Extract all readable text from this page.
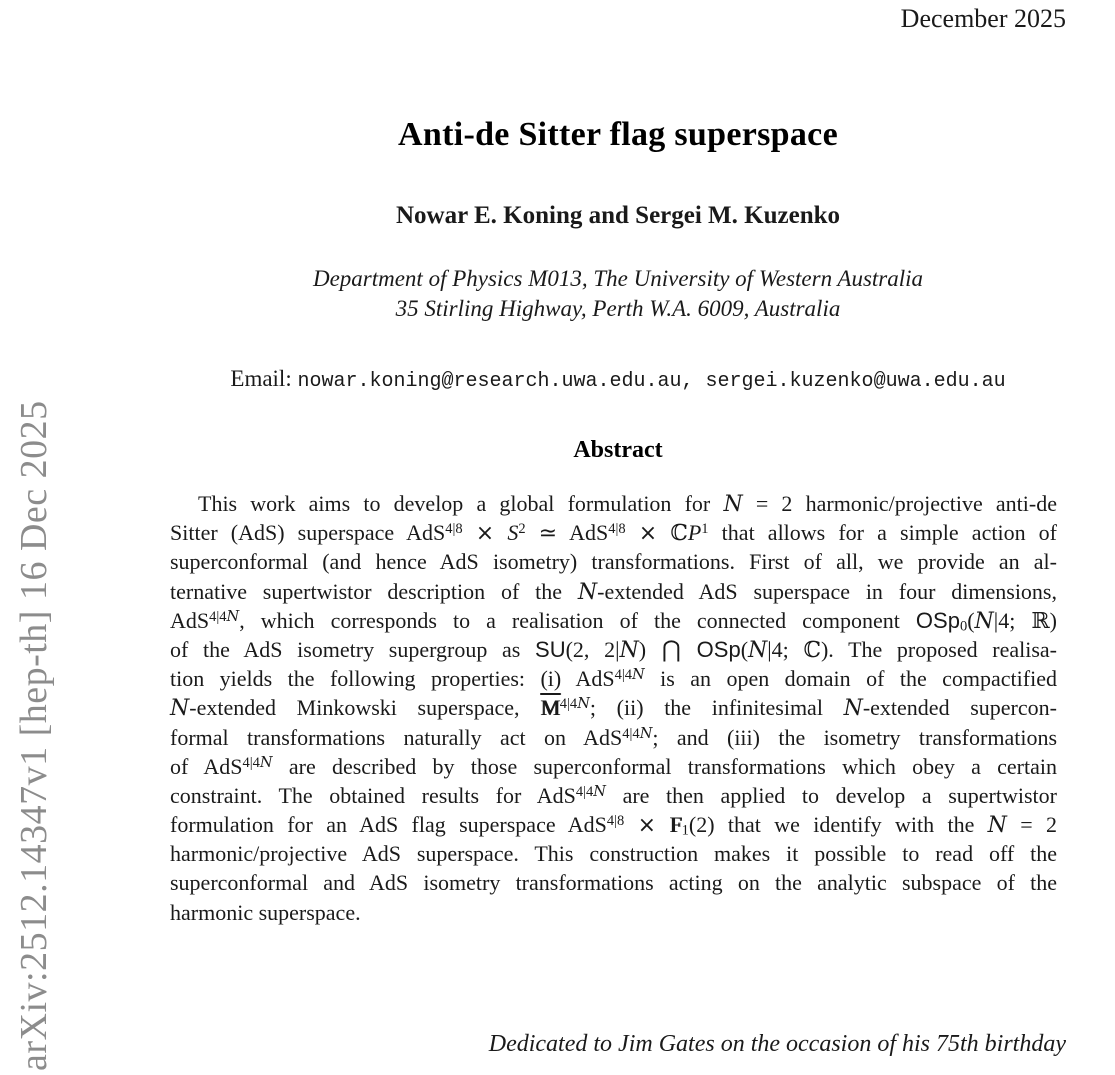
arXiv:2512.14347v1 [hep-th] 16 Dec 2025
December 2025
Anti-de Sitter flag superspace
Nowar E. Koning and Sergei M. Kuzenko
Department of Physics M013, The University of Western Australia
35 Stirling Highway, Perth W.A. 6009, Australia
Email: nowar.koning@research.uwa.edu.au, sergei.kuzenko@uwa.edu.au
Abstract
This work aims to develop a global formulation for N = 2 harmonic/projective anti-de
Sitter (AdS) superspace $AdS^{4|8} \times S^2$ ≃ AdS$^{4|8}$ × ℂP$^1$ that allows for a simple action of
superconformal (and hence AdS isometry) transformations. First of all, we provide an al-
ternative supertwistor description of the N-extended AdS superspace in four dimensions,
AdS$^{4|4N}$, which corresponds to a realisation of the connected component OSp0(N|4; ℝ)
of the AdS isometry supergroup as SU(2, 2|N) ⋂ OSp(N|4; ℂ). The proposed realisa-
tion yields the following properties: (i) AdS$^{4|4N}$ is an open domain of the compactified
N-extended Minkowski superspace, $\overline{M}^{4|4N}$; (ii) the infinitesimal N-extended supercon-
formal transformations naturally act on AdS$^{4|4N}$; and (iii) the isometry transformations
of AdS$^{4|4N}$ are described by those superconformal transformations which obey a certain
constraint. The obtained results for AdS$^{4|4N}$ are then applied to develop a supertwistor
formulation for an AdS flag superspace AdS$^{4|8}$ × F1(2) that we identify with the N = 2
harmonic/projective AdS superspace. This construction makes it possible to read off the
superconformal and AdS isometry transformations acting on the analytic subspace of the
harmonic superspace.
Dedicated to Jim Gates on the occasion of his 75th birthday
